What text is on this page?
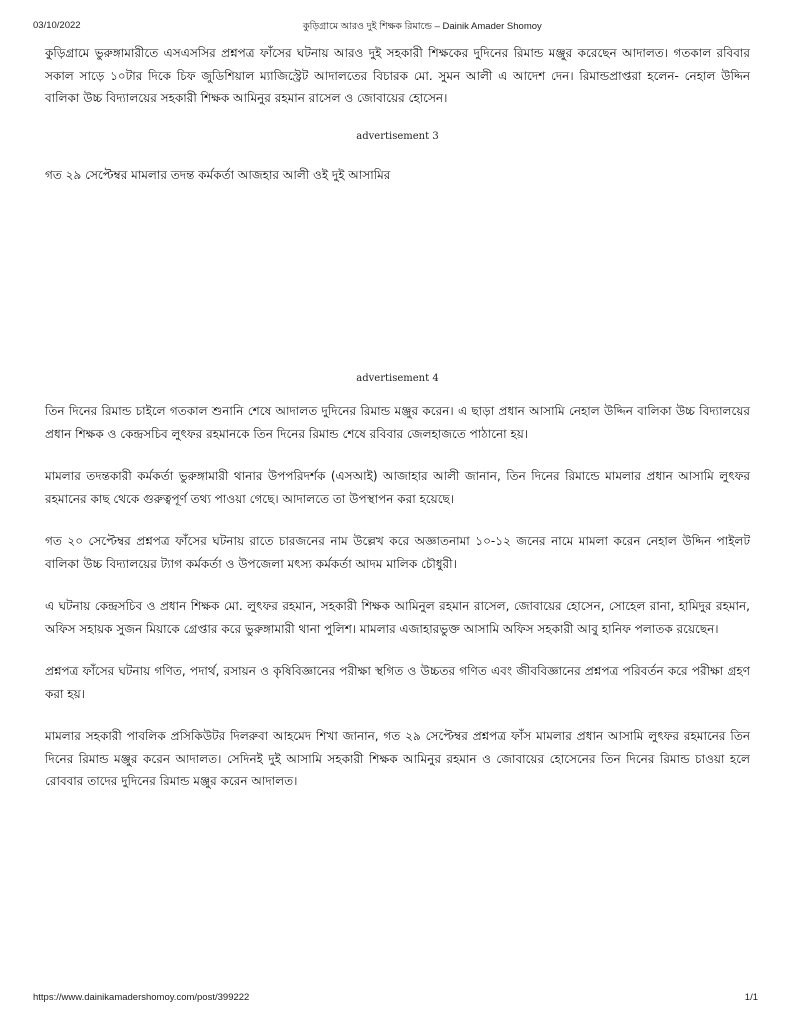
03/10/2022	কুড়িগ্রামে আরও দুই শিক্ষক রিমান্ডে – Dainik Amader Shomoy

কুড়িগ্রামে ভুরুঙ্গামারীতে এসএসসির প্রশ্নপত্র ফাঁসের ঘটনায় আরও দুই সহকারী শিক্ষকের দুদিনের রিমান্ড মঞ্জুর করেছেন আদালত। গতকাল রবিবার সকাল সাড়ে ১০টার দিকে চিফ জুডিশিয়াল ম্যাজিস্ট্রেট আদালতের বিচারক মো. সুমন আলী এ আদেশ দেন। রিমান্ডপ্রাপ্তরা হলেন- নেহাল উদ্দিন বালিকা উচ্চ বিদ্যালয়ের সহকারী শিক্ষক আমিনুর রহমান রাসেল ও জোবায়ের হোসেন।

advertisement 3

গত ২৯ সেপ্টেম্বর মামলার তদন্ত কর্মকর্তা আজহার আলী ওই দুই আসামির

advertisement 4

তিন দিনের রিমান্ড চাইলে গতকাল শুনানি শেষে আদালত দুদিনের রিমান্ড মঞ্জুর করেন। এ ছাড়া প্রধান আসামি নেহাল উদ্দিন বালিকা উচ্চ বিদ্যালয়ের প্রধান শিক্ষক ও কেন্দ্রসচিব লুৎফর রহমানকে তিন দিনের রিমান্ড শেষে রবিবার জেলহাজতে পাঠানো হয়।

মামলার তদন্তকারী কর্মকর্তা ভুরুঙ্গামারী থানার উপপরিদর্শক (এসআই) আজাহার আলী জানান, তিন দিনের রিমান্ডে মামলার প্রধান আসামি লুৎফর রহমানের কাছ থেকে গুরুত্বপূর্ণ তথ্য পাওয়া গেছে। আদালতে তা উপস্থাপন করা হয়েছে।

গত ২০ সেপ্টেম্বর প্রশ্নপত্র ফাঁসের ঘটনায় রাতে চারজনের নাম উল্লেখ করে অজ্ঞাতনামা ১০-১২ জনের নামে মামলা করেন নেহাল উদ্দিন পাইলট বালিকা উচ্চ বিদ্যালয়ের ট্যাগ কর্মকর্তা ও উপজেলা মৎস্য কর্মকর্তা আদম মালিক চৌধুরী।

এ ঘটনায় কেন্দ্রসচিব ও প্রধান শিক্ষক মো. লুৎফর রহমান, সহকারী শিক্ষক আমিনুল রহমান রাসেল, জোবায়ের হোসেন, সোহেল রানা, হামিদুর রহমান, অফিস সহায়ক সুজন মিয়াকে গ্রেপ্তার করে ভুরুঙ্গামারী থানা পুলিশ। মামলার এজাহারভুক্ত আসামি অফিস সহকারী আবু হানিফ পলাতক রয়েছেন।

প্রশ্নপত্র ফাঁসের ঘটনায় গণিত, পদার্থ, রসায়ন ও কৃষিবিজ্ঞানের পরীক্ষা স্থগিত ও উচ্চতর গণিত এবং জীববিজ্ঞানের প্রশ্নপত্র পরিবর্তন করে পরীক্ষা গ্রহণ করা হয়।

মামলার সহকারী পাবলিক প্রসিকিউটর দিলরুবা আহমেদ শিখা জানান, গত ২৯ সেপ্টেম্বর প্রশ্নপত্র ফাঁস মামলার প্রধান আসামি লুৎফর রহমানের তিন দিনের রিমান্ড মঞ্জুর করেন আদালত। সেদিনই দুই আসামি সহকারী শিক্ষক আমিনুর রহমান ও জোবায়ের হোসেনের তিন দিনের রিমান্ড চাওয়া হলে রোববার তাদের দুদিনের রিমান্ড মঞ্জুর করেন আদালত।

https://www.dainikamadershomoy.com/post/399222	1/1
